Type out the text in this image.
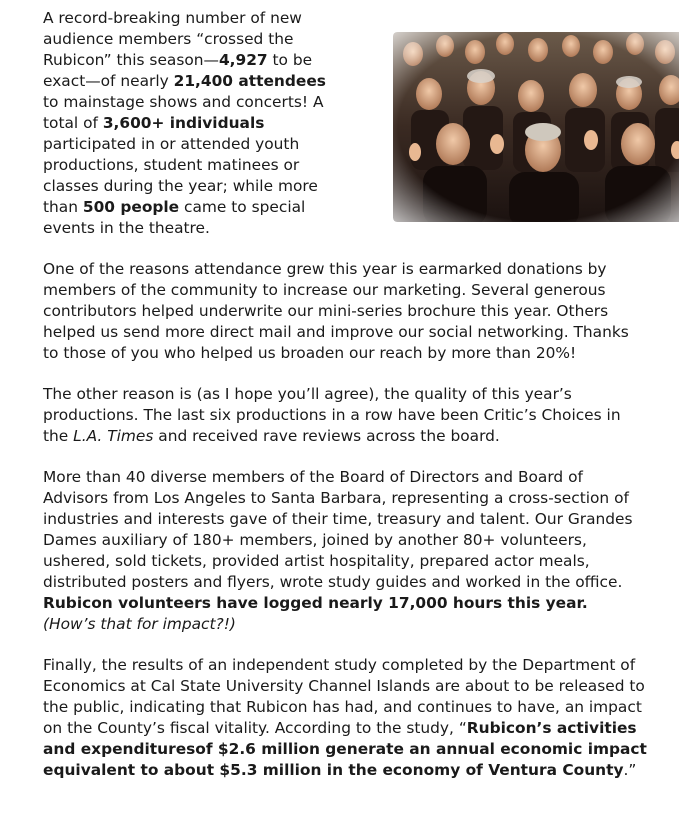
A record-breaking number of new audience members “crossed the Rubicon” this season—4,927 to be exact—of nearly 21,400 attendees to mainstage shows and concerts! A total of 3,600+ individuals participated in or attended youth productions, student matinees or classes during the year; while more than 500 people came to special events in the theatre.

One of the reasons attendance grew this year is earmarked donations by members of the community to increase our marketing. Several generous contributors helped underwrite our mini-series brochure this year. Others helped us send more direct mail and improve our social networking. Thanks to those of you who helped us broaden our reach by more than 20%!

The other reason is (as I hope you’ll agree), the quality of this year’s productions. The last six productions in a row have been Critic’s Choices in the L.A. Times and received rave reviews across the board.

More than 40 diverse members of the Board of Directors and Board of Advisors from Los Angeles to Santa Barbara, representing a cross-section of industries and interests gave of their time, treasury and talent. Our Grandes Dames auxiliary of 180+ members, joined by another 80+ volunteers, ushered, sold tickets, provided artist hospitality, prepared actor meals, distributed posters and flyers, wrote study guides and worked in the office.

Rubicon volunteers have logged nearly 17,000 hours this year.

(How’s that for impact?!)

Finally, the results of an independent study completed by the Department of Economics at Cal State University Channel Islands are about to be released to the public, indicating that Rubicon has had, and continues to have, an impact on the County’s fiscal vitality. According to the study, “Rubicon’s activities and expendituresof $2.6 million generate an annual economic impact equivalent to about $5.3 million in the economy of Ventura County.”
